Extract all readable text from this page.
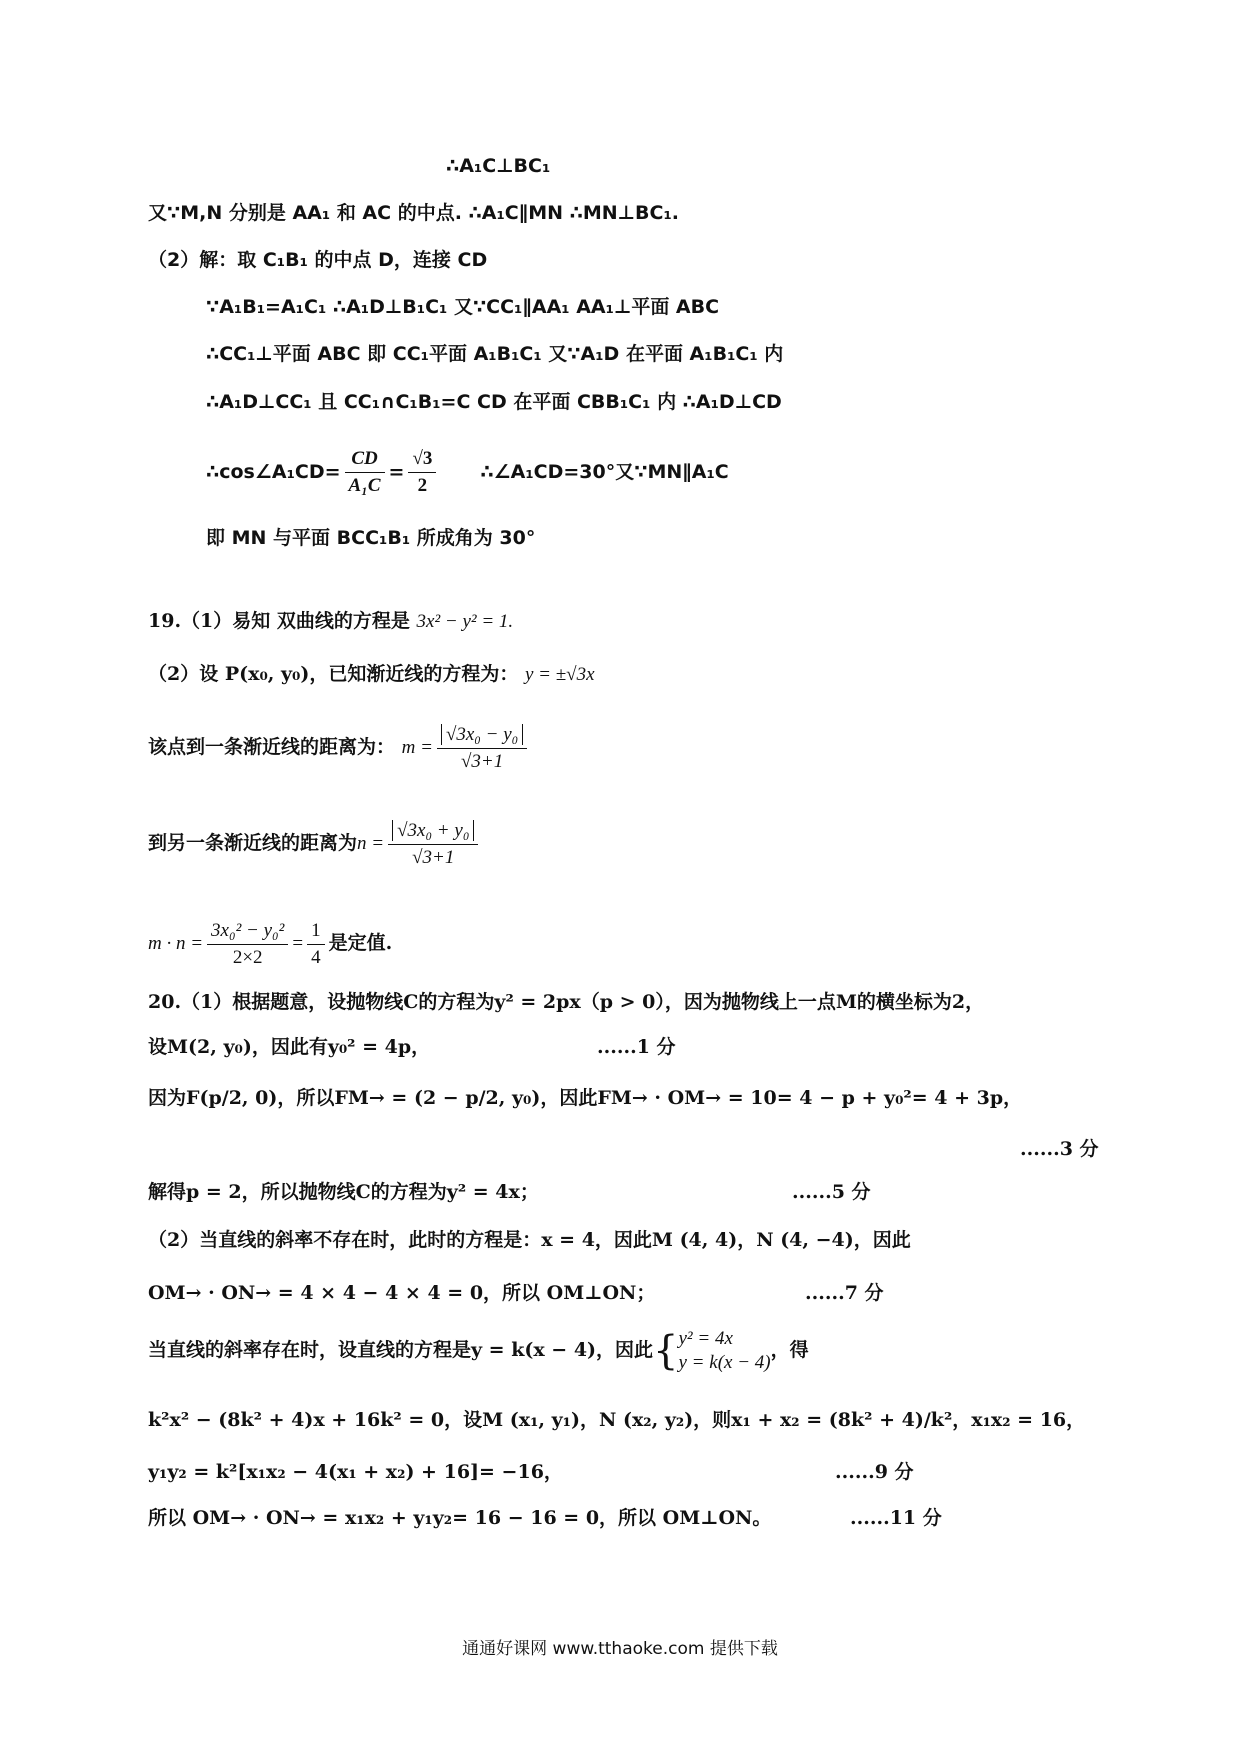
∴A₁C⊥BC₁
又∵M,N 分别是 AA₁ 和 AC 的中点. ∴A₁C∥MN ∴MN⊥BC₁.
（2）解：取 C₁B₁ 的中点 D，连接 CD
∵A₁B₁=A₁C₁ ∴A₁D⊥B₁C₁ 又∵CC₁∥AA₁ AA₁⊥平面 ABC
∴CC₁⊥平面 ABC 即 CC₁平面 A₁B₁C₁ 又∵A₁D 在平面 A₁B₁C₁ 内
∴A₁D⊥CC₁ 且 CC₁∩C₁B₁=C CD 在平面 CBB₁C₁ 内 ∴A₁D⊥CD
∴cos∠A₁CD= $\frac{CD}{\text{A₁C}} = \frac{√3}{2}$ ∴∠A₁CD=30°又∵MN∥A₁C
即 MN 与平面 BCC₁B₁ 所成角为 30°
19.（1）易知 双曲线的方程是 3x² − y² = 1.
（2）设 P(x₀, y₀)，已知渐近线的方程为： y = ±√3x
该点到一条渐近线的距离为： $m = \frac{\text{√3x₀ − y₀}}{√3+1}$
到另一条渐近线的距离为$n = \frac{\text{√3x₀ + y₀}}{√3+1}$
$m \cdot n = \frac{\text{3x₀² − y₀²}}{2\times 2} = \frac{1}{4}$ 是定值.
20.（1）根据题意，设抛物线C的方程为y² = 2px（p > 0），因为抛物线上一点M的横坐标为2，
设M(2, y₀)，因此有y₀² = 4p，	......1 分
因为F(p/2, 0)，所以FM→ = (2 − p/2, y₀)，因此FM→ · OM→ = 10= 4 − p + y₀²= 4 + 3p，
......3 分
解得p = 2，所以抛物线C的方程为y² = 4x；	......5 分
（2）当直线的斜率不存在时，此时的方程是：x = 4，因此M (4, 4)，N (4, −4)，因此
OM→ · ON→ = 4 × 4 − 4 × 4 = 0，所以 OM⊥ON；	......7 分
当直线的斜率存在时，设直线的方程是y = k(x − 4)，因此{ y² = 4x
y = k(x − 4)
，得
k²x² − (8k² + 4)x + 16k² = 0，设M (x₁, y₁)，N (x₂, y₂)，则x₁ + x₂ = (8k² + 4)/k²，x₁x₂ = 16，
y₁y₂ = k²[x₁x₂ − 4(x₁ + x₂) + 16]= −16，	......9 分
所以 OM→ · ON→ = x₁x₂ + y₁y₂= 16 − 16 = 0，所以 OM⊥ON。	......11 分
通通好课网 www.tthaoke.com 提供下载
